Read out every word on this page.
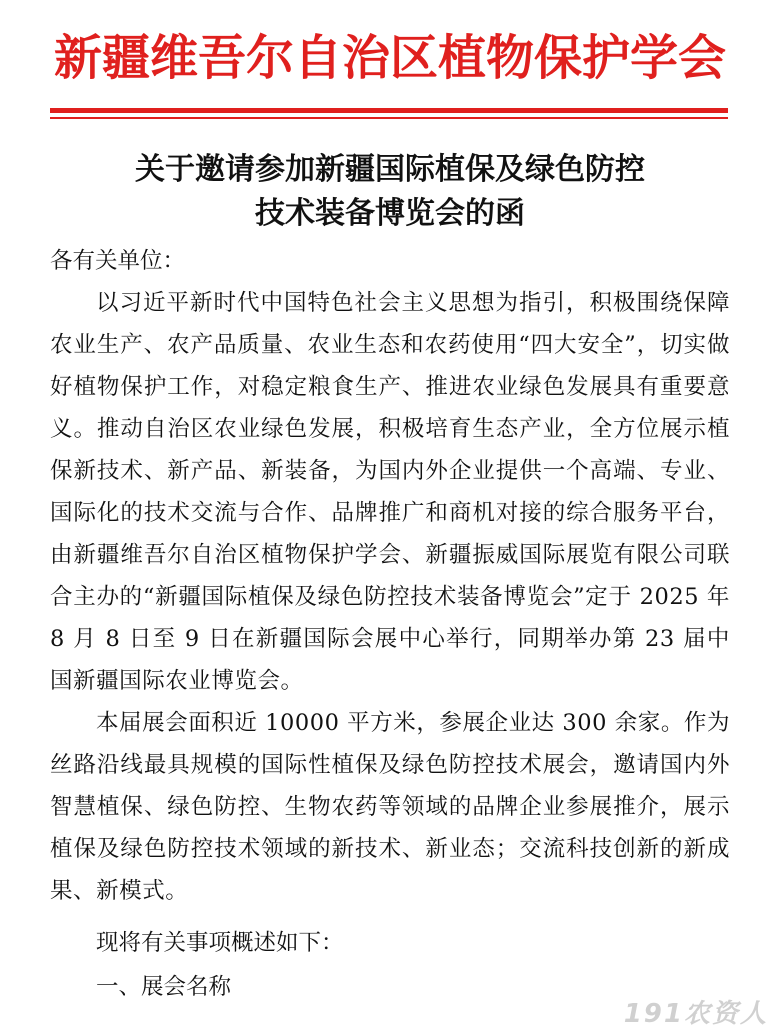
新疆维吾尔自治区植物保护学会
关于邀请参加新疆国际植保及绿色防控
技术装备博览会的函
各有关单位：
以习近平新时代中国特色社会主义思想为指引，积极围绕保障农业生产、农产品质量、农业生态和农药使用“四大安全”，切实做好植物保护工作，对稳定粮食生产、推进农业绿色发展具有重要意义。推动自治区农业绿色发展，积极培育生态产业，全方位展示植保新技术、新产品、新装备，为国内外企业提供一个高端、专业、国际化的技术交流与合作、品牌推广和商机对接的综合服务平台，由新疆维吾尔自治区植物保护学会、新疆振威国际展览有限公司联合主办的“新疆国际植保及绿色防控技术装备博览会”定于 2025 年 8 月 8 日至 9 日在新疆国际会展中心举行，同期举办第 23 届中国新疆国际农业博览会。
本届展会面积近 10000 平方米，参展企业达 300 余家。作为丝路沿线最具规模的国际性植保及绿色防控技术展会，邀请国内外智慧植保、绿色防控、生物农药等领域的品牌企业参展推介，展示植保及绿色防控技术领域的新技术、新业态；交流科技创新的新成果、新模式。
现将有关事项概述如下：
一、展会名称
191农资人
